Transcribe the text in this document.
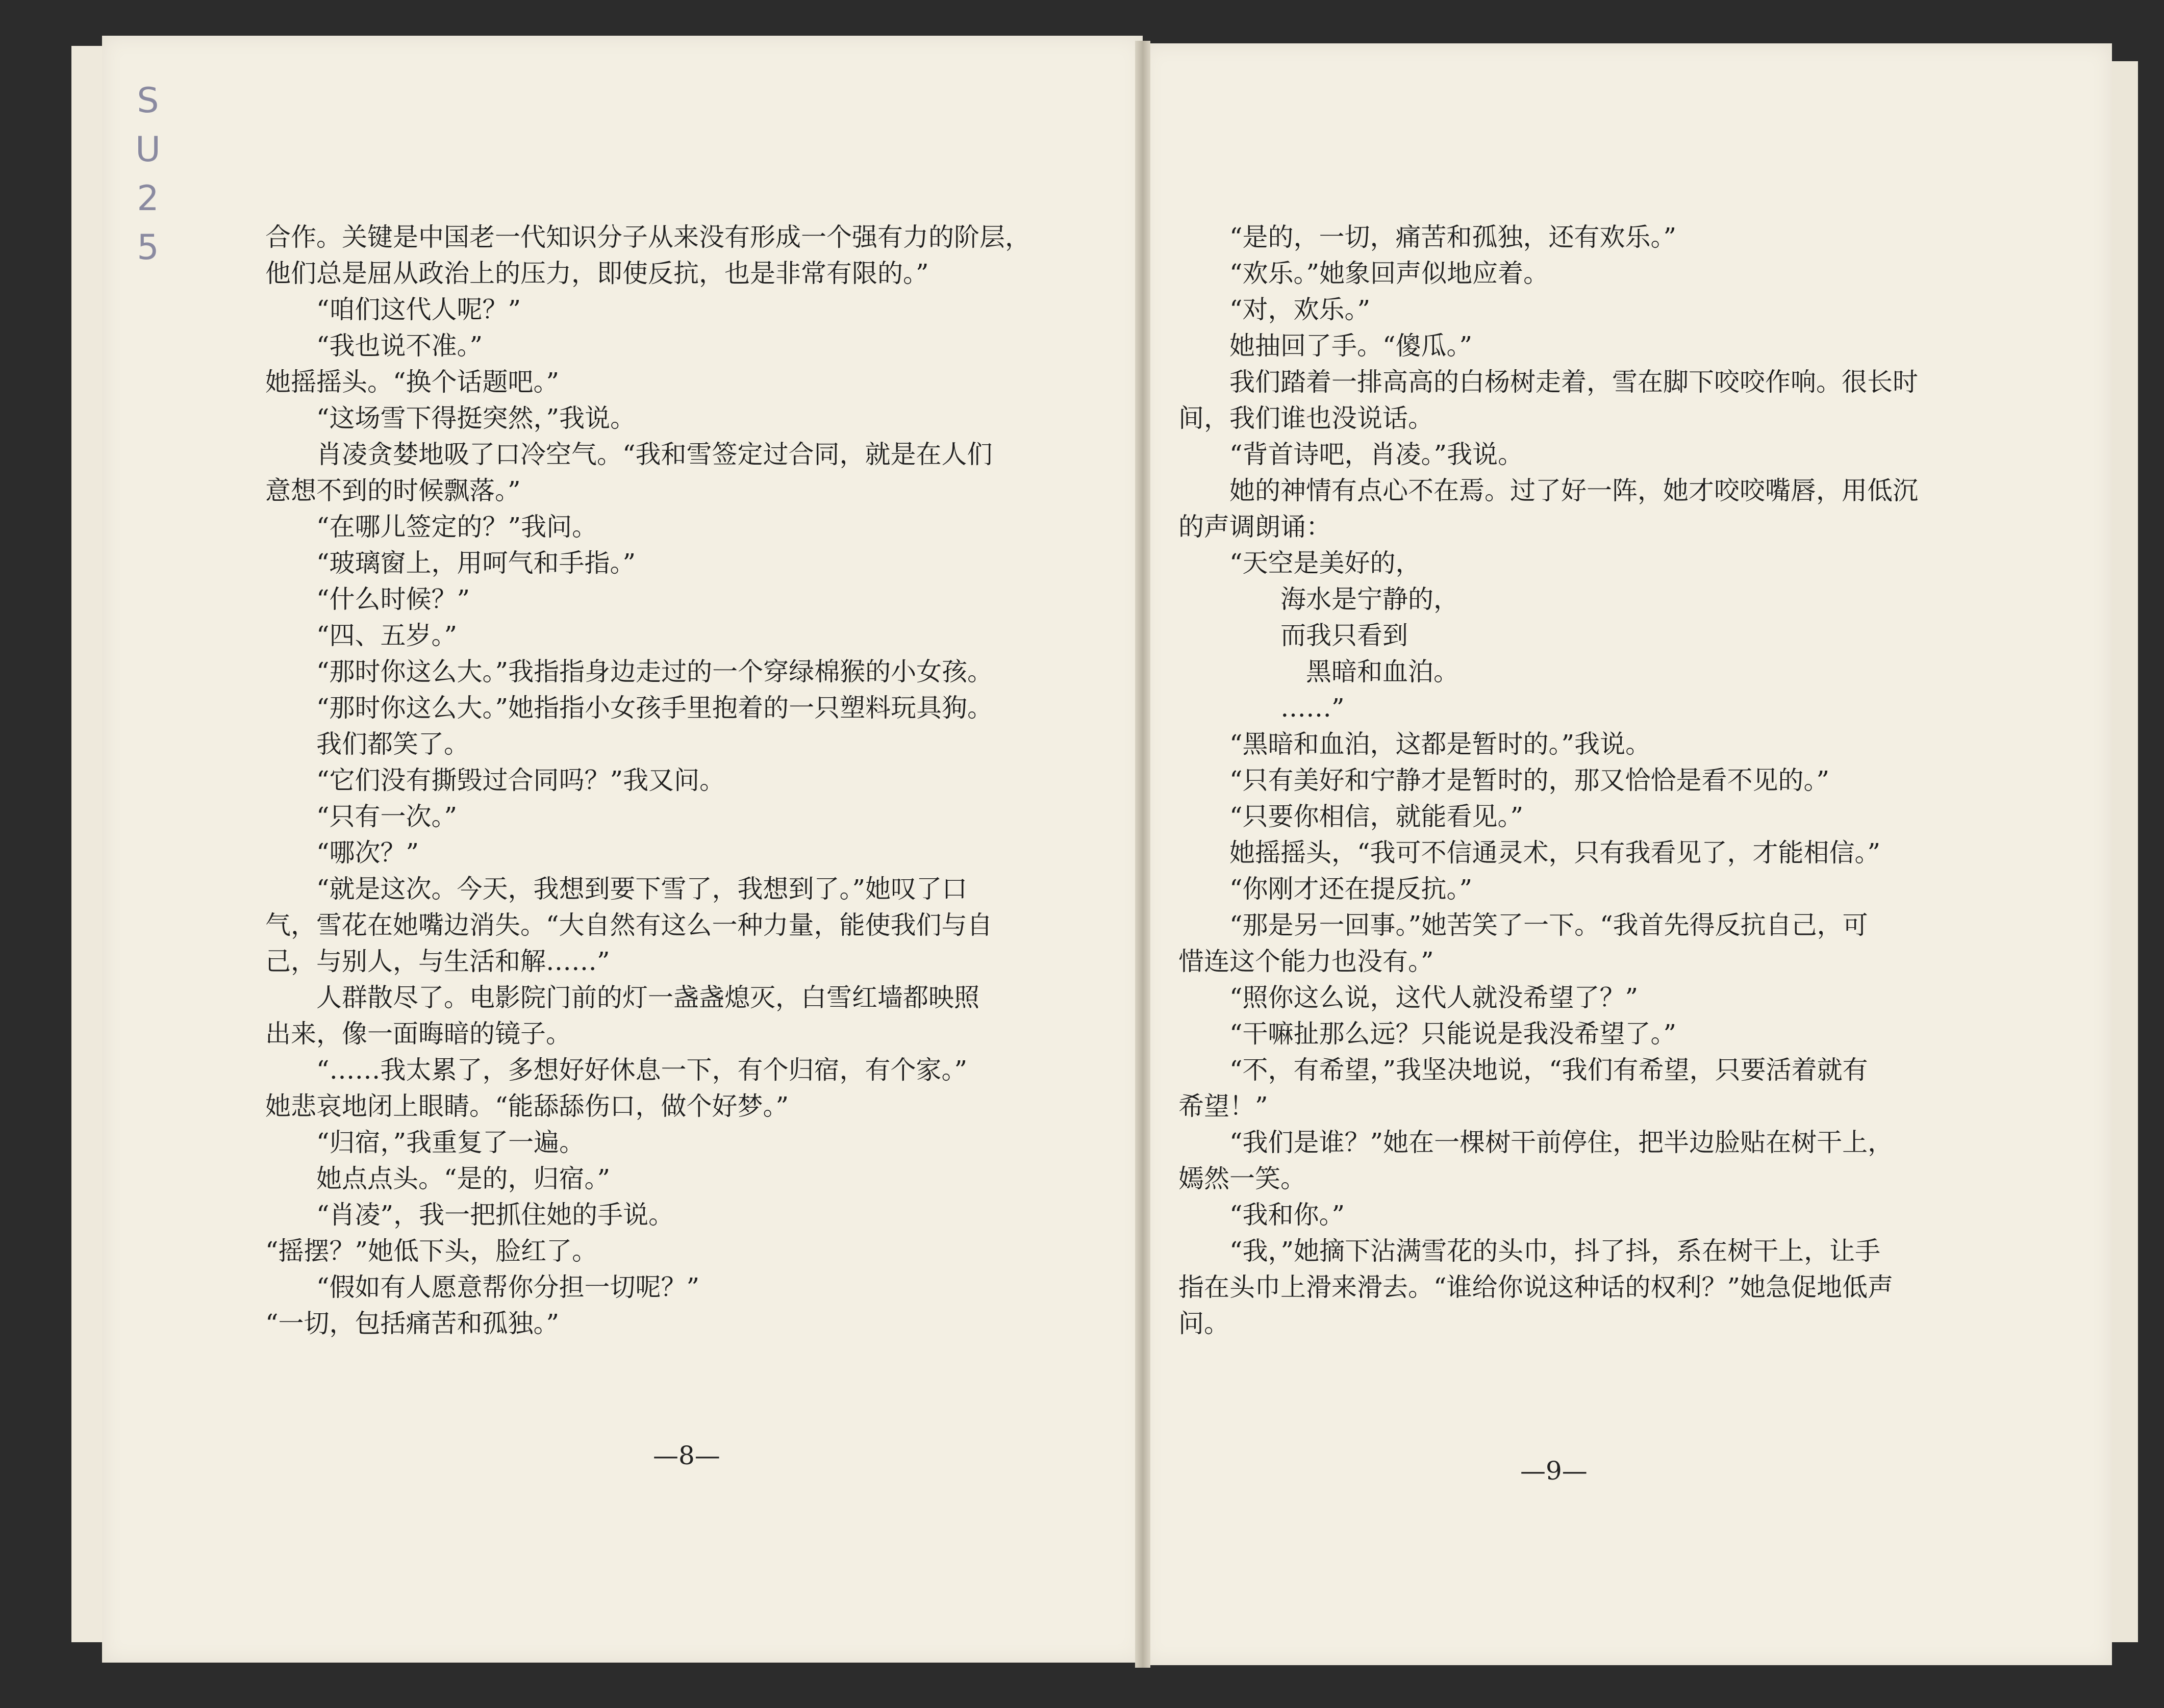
S
U
2
5	合作。关键是中国老一代知识分子从来没有形成一个强有力的阶层，
他们总是屈从政治上的压力，即使反抗，也是非常有限的。”
“咱们这代人呢？”
“我也说不准。”
她摇摇头。“换个话题吧。”
“这场雪下得挺突然，”我说。
肖凌贪婪地吸了口冷空气。“我和雪签定过合同，就是在人们
意想不到的时候飘落。”
“在哪儿签定的？”我问。
“玻璃窗上，用呵气和手指。”
“什么时候？”
“四、五岁。”
“那时你这么大。”我指指身边走过的一个穿绿棉猴的小女孩。
“那时你这么大。”她指指小女孩手里抱着的一只塑料玩具狗。
我们都笑了。
“它们没有撕毁过合同吗？”我又问。
“只有一次。”
“哪次？”
“就是这次。今天，我想到要下雪了，我想到了。”她叹了口
气，雪花在她嘴边消失。“大自然有这么一种力量，能使我们与自
己，与别人，与生活和解……”
人群散尽了。电影院门前的灯一盏盏熄灭，白雪红墙都映照
出来，像一面晦暗的镜子。
“……我太累了，多想好好休息一下，有个归宿，有个家。”
她悲哀地闭上眼睛。“能舔舔伤口，做个好梦。”
“归宿，”我重复了一遍。
她点点头。“是的，归宿。”
“肖凌”，我一把抓住她的手说。
“摇摆？”她低下头，脸红了。
“假如有人愿意帮你分担一切呢？”
“一切，包括痛苦和孤独。”
“是的，一切，痛苦和孤独，还有欢乐。”
“欢乐。”她象回声似地应着。
“对，欢乐。”
她抽回了手。“傻瓜。”
我们踏着一排高高的白杨树走着，雪在脚下咬咬作响。很长时
间，我们谁也没说话。
“背首诗吧，肖凌。”我说。
她的神情有点心不在焉。过了好一阵，她才咬咬嘴唇，用低沉
的声调朗诵：
“天空是美好的，
海水是宁静的，
而我只看到
黑暗和血泊。
……”
“黑暗和血泊，这都是暂时的。”我说。
“只有美好和宁静才是暂时的，那又恰恰是看不见的。”
“只要你相信，就能看见。”
她摇摇头，“我可不信通灵术，只有我看见了，才能相信。”
“你刚才还在提反抗。”
“那是另一回事。”她苦笑了一下。“我首先得反抗自己，可
惜连这个能力也没有。”
“照你这么说，这代人就没希望了？”
“干嘛扯那么远？只能说是我没希望了。”
“不，有希望，”我坚决地说，“我们有希望，只要活着就有
希望！”
“我们是谁？”她在一棵树干前停住，把半边脸贴在树干上，
嫣然一笑。
“我和你。”
“我，”她摘下沾满雪花的头巾，抖了抖，系在树干上，让手
指在头巾上滑来滑去。“谁给你说这种话的权利？”她急促地低声
问。
—8—
—9—
